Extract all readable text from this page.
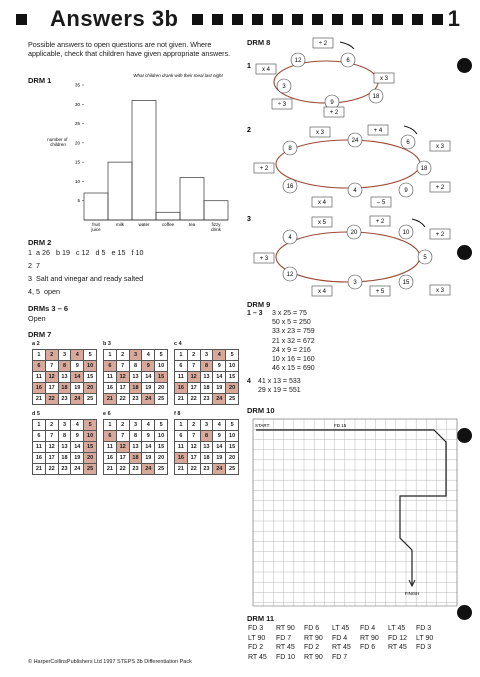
Answers 3b	1
Possible answers to open questions are not given. Where applicable, check that children have given appropriate answers.
DRM 1
What children drank with their meal last night
number of children
5
10
15
20
25
30
35
fruit
juice
milk	water	coffee	tea	fizzy
drink
DRM 2
1  a 26   b 19   c 12   d 5   e 15   f 10
2  7
3  Salt and vinegar and ready salted
4, 5  open
DRMs 3 – 6
Open
DRM 7
a 2
1	2	3	4	5
6	7	8	9	10
11	12	13	14	15
16	17	18	19	20
21	22	23	24	25
b 3
1	2	3	4	5
6	7	8	9	10
11	12	13	14	15
16	17	18	19	20
21	22	23	24	25
c 4
1	2	3	4	5
6	7	8	9	10
11	12	13	14	15
16	17	18	19	20
21	22	23	24	25
d 5
1	2	3	4	5
6	7	8	9	10
11	12	13	14	15
16	17	18	19	20
21	22	23	24	25
e 6
1	2	3	4	5
6	7	8	9	10
11	12	13	14	15
16	17	18	19	20
21	22	23	24	25
f 8
1	2	3	4	5
6	7	8	9	10
11	12	13	14	15
16	17	18	19	20
21	22	23	24	25
© HarperCollinsPublishers Ltd 1997 STEPS 3b Differentiation Pack
DRM 8
1
12	6
18
9
3
÷ 2
x 3
+ 2
÷ 3
x 4
2
8
24	6
18
9
4
16
x 3	+ 4
x 3
+ 2
– 5
x 4
+ 2
3
4
20	10
5
15
3
12
x 5	+ 2
+ 2
x 3
+ 5
x 4
+ 3
DRM 9
1 – 3 3 x 25 = 75
50 x 5 = 250
33 x 23 = 759
21 x 32 = 672
24 x 9 = 216
10 x 16 = 160
46 x 15 = 690
41 x 13 = 533
29 x 19 = 551
4
DRM 10
START	FD 15
FINISH
DRM 11
FD 3 RT 90 FD 6 LT 45 FD 4 LT 45 FD 3
LT 90 FD 7 RT 90 FD 4 RT 90 FD 12 LT 90
FD 2 RT 45 FD 2 RT 45 FD 6 RT 45 FD 3
RT 45 FD 10 RT 90 FD 7
